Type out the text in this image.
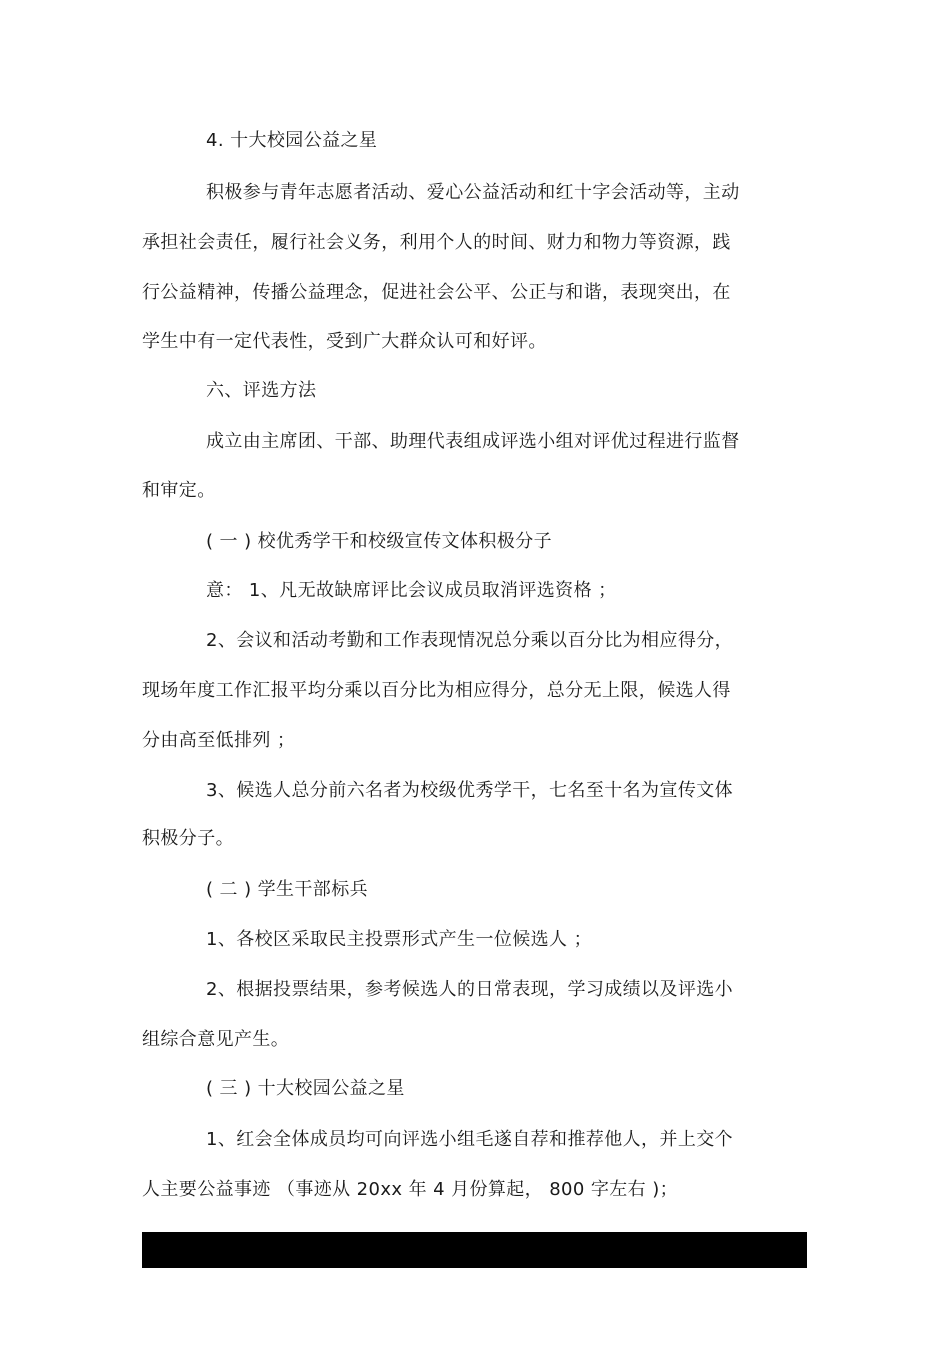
4. 十大校园公益之星
积极参与青年志愿者活动、爱心公益活动和红十字会活动等，主动
承担社会责任，履行社会义务，利用个人的时间、财力和物力等资源，践
行公益精神，传播公益理念，促进社会公平、公正与和谐，表现突出，在
学生中有一定代表性，受到广大群众认可和好评。
六、评选方法
成立由主席团、干部、助理代表组成评选小组对评优过程进行监督
和审定。
( 一 ) 校优秀学干和校级宣传文体积极分子
意： 1、凡无故缺席评比会议成员取消评选资格 ；
2、会议和活动考勤和工作表现情况总分乘以百分比为相应得分，
现场年度工作汇报平均分乘以百分比为相应得分，总分无上限，候选人得
分由高至低排列 ；
3、候选人总分前六名者为校级优秀学干，七名至十名为宣传文体
积极分子。
( 二 ) 学生干部标兵
1、各校区采取民主投票形式产生一位候选人 ；
2、根据投票结果，参考候选人的日常表现，学习成绩以及评选小
组综合意见产生。
( 三 ) 十大校园公益之星
1、红会全体成员均可向评选小组毛遂自荐和推荐他人，并上交个
人主要公益事迹 （事迹从 20xx 年 4 月份算起， 800 字左右 )；
